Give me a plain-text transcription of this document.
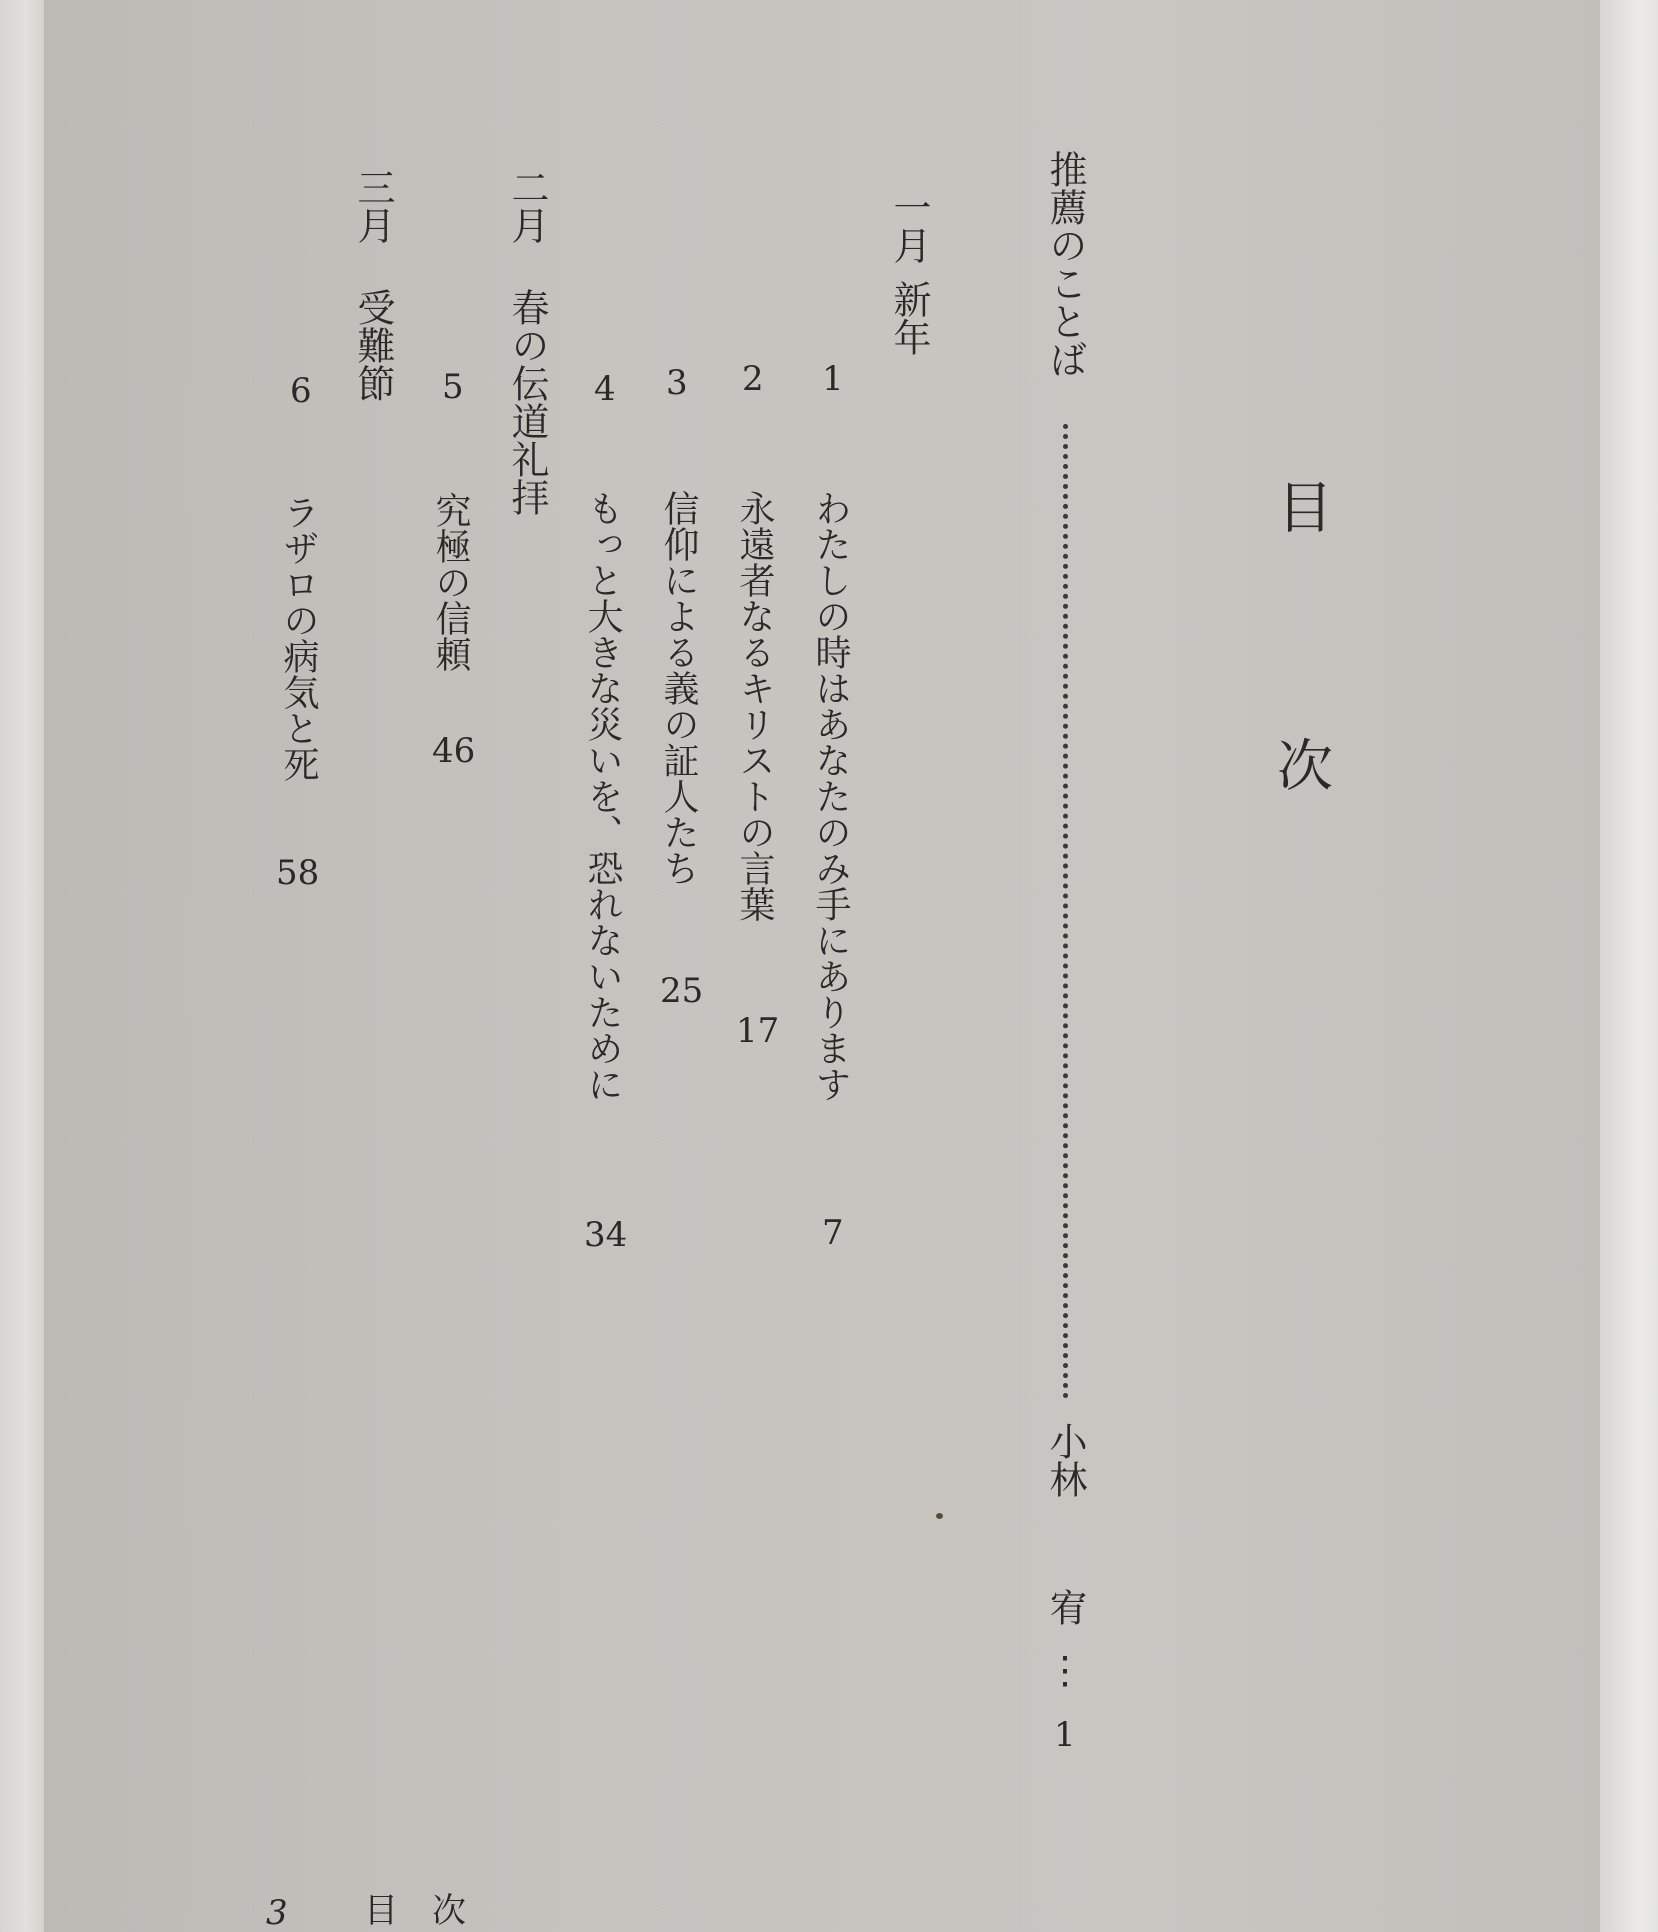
目
次
推薦のことば
小林
宥
⋮
1
一月
新年
1
わたしの時はあなたのみ手にあります
7
2
永遠者なるキリストの言葉
17
3
信仰による義の証人たち
25
4
もっと大きな災いを、恐れないために
34
二月
春の伝道礼拝
5
究極の信頼
46
三月
受難節
6
ラザロの病気と死
58
3 目　次
